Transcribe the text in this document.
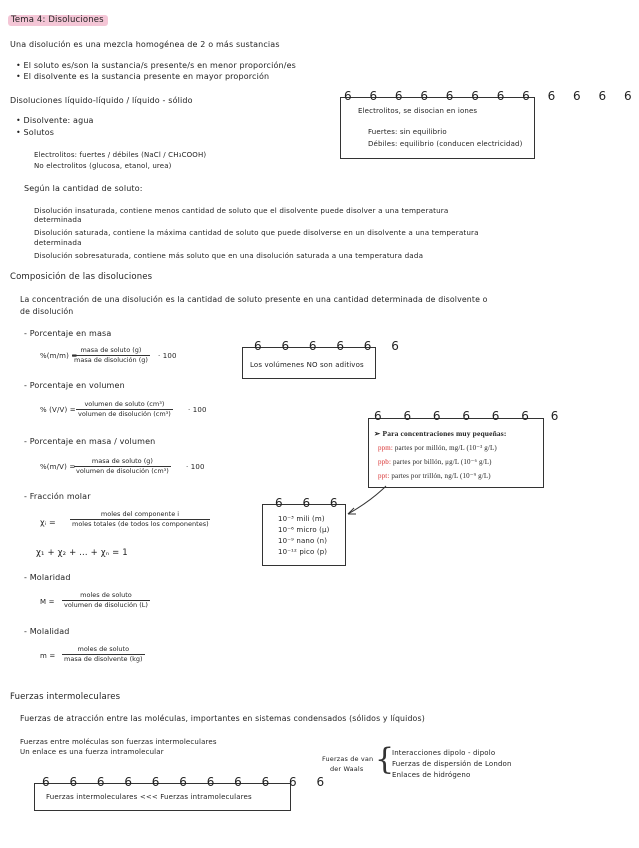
Tema 4: Disoluciones
Una disolución es una mezcla homogénea de 2 o más sustancias
• El soluto es/son la sustancia/s presente/s en menor proporción/es
• El disolvente es la sustancia presente en mayor proporción
Disoluciones líquido-líquido / líquido - sólido
• Disolvente: agua
• Solutos
Electrolitos: fuertes / débiles (NaCl / CH₃COOH)
No electrolitos (glucosa, etanol, urea)
6 6 6 6 6 6 6 6 6 6 6 6
Electrolitos, se disocian en iones
Fuertes: sin equilibrio
Débiles: equilibrio (conducen electricidad)
Según la cantidad de soluto:
Disolución insaturada, contiene menos cantidad de soluto que el disolvente puede disolver a una temperatura
determinada
Disolución saturada, contiene la máxima cantidad de soluto que puede disolverse en un disolvente a una temperatura
determinada
Disolución sobresaturada, contiene más soluto que en una disolución saturada a una temperatura dada
Composición de las disoluciones
La concentración de una disolución es la cantidad de soluto presente en una cantidad determinada de disolvente o
de disolución
- Porcentaje en masa
%(m/m) =
masa de soluto (g)
masa de disolución (g) · 100
6 6 6 6 6 6
Los volúmenes NO son aditivos
- Porcentaje en volumen
% (V/V) =
volumen de soluto (cm³)
volumen de disolución (cm³) · 100	6 6 6 6 6 6 6
➢ Para concentraciones muy pequeñas:
ppm: partes por millón, mg/L (10⁻³ g/L)
ppb: partes por billón, μg/L (10⁻⁶ g/L)
ppt: partes por trillón, ng/L (10⁻⁹ g/L)
- Porcentaje en masa / volumen
%(m/V) =
masa de soluto (g)
volumen de disolución (cm³) · 100
6 6 6
10⁻³ mili (m)
10⁻⁶ micro (μ)
10⁻⁹ nano (n)
10⁻¹² pico (p)
- Fracción molar
χᵢ =
moles del componente i
moles totales (de todos los componentes)
χ₁ + χ₂ + ... + χₙ = 1
- Molaridad
M =
moles de soluto
volumen de disolución (L)
- Molalidad
m =
moles de soluto
masa de disolvente (kg)
Fuerzas intermoleculares
Fuerzas de atracción entre las moléculas, importantes en sistemas condensados (sólidos y líquidos)
Fuerzas entre moléculas son fuerzas intermoleculares
Un enlace es una fuerza intramolecular
6 6 6 6 6 6 6 6 6 6 6
Fuerzas intermoleculares <<< Fuerzas intramoleculares
Fuerzas de van
der Waals {
Interacciones dipolo - dipolo
Fuerzas de dispersión de London
Enlaces de hidrógeno
